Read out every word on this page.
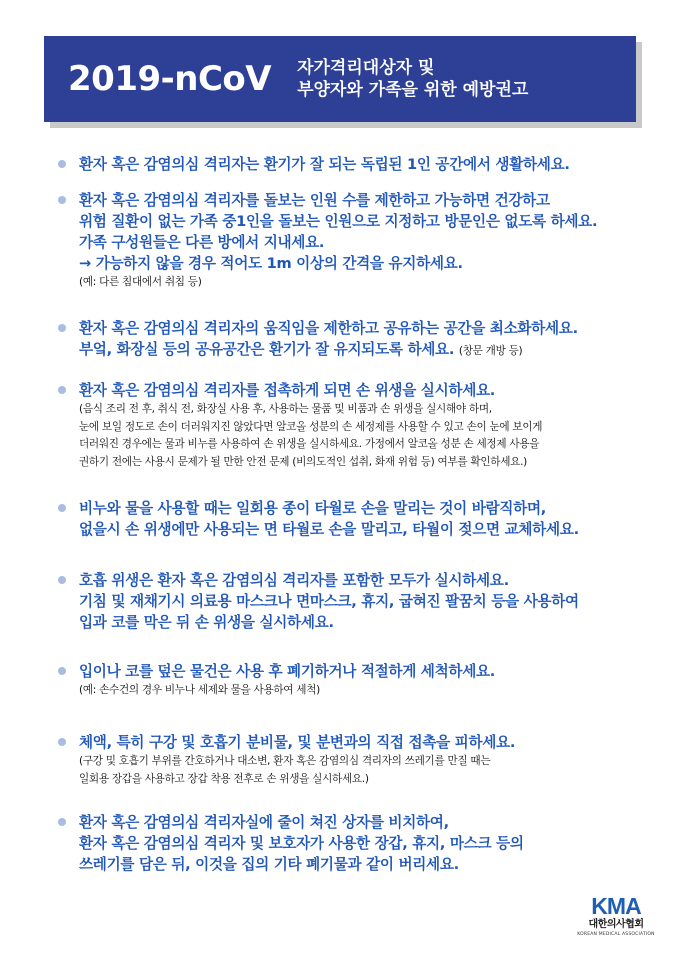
2019-nCoV 자가격리대상자 및
부양자와 가족을 위한 예방권고
환자 혹은 감염의심 격리자는 환기가 잘 되는 독립된 1인 공간에서 생활하세요.
환자 혹은 감염의심 격리자를 돌보는 인원 수를 제한하고 가능하면 건강하고
위험 질환이 없는 가족 중1인을 돌보는 인원으로 지정하고 방문인은 없도록 하세요.
가족 구성원들은 다른 방에서 지내세요.
→ 가능하지 않을 경우 적어도 1m 이상의 간격을 유지하세요.
(예: 다른 침대에서 취침 등)
환자 혹은 감염의심 격리자의 움직임을 제한하고 공유하는 공간을 최소화하세요.
부엌, 화장실 등의 공유공간은 환기가 잘 유지되도록 하세요. (창문 개방 등)
환자 혹은 감염의심 격리자를 접촉하게 되면 손 위생을 실시하세요.
(음식 조리 전 후, 취식 전, 화장실 사용 후, 사용하는 물품 및 비품과 손 위생을 실시해야 하며,
눈에 보일 정도로 손이 더러워지진 않았다면 알코올 성분의 손 세정제를 사용할 수 있고 손이 눈에 보이게
더러워진 경우에는 물과 비누를 사용하여 손 위생을 실시하세요. 가정에서 알코올 성분 손 세정제 사용을
권하기 전에는 사용시 문제가 될 만한 안전 문제 (비의도적인 섭취, 화재 위험 등) 여부를 확인하세요.)
비누와 물을 사용할 때는 일회용 종이 타월로 손을 말리는 것이 바람직하며,
없을시 손 위생에만 사용되는 면 타월로 손을 말리고, 타월이 젖으면 교체하세요.
호흡 위생은 환자 혹은 감염의심 격리자를 포함한 모두가 실시하세요.
기침 및 재채기시 의료용 마스크나 면마스크, 휴지, 굽혀진 팔꿈치 등을 사용하여
입과 코를 막은 뒤 손 위생을 실시하세요.
입이나 코를 덮은 물건은 사용 후 폐기하거나 적절하게 세척하세요.
(예: 손수건의 경우 비누나 세제와 물을 사용하여 세척)
체액, 특히 구강 및 호흡기 분비물, 및 분변과의 직접 접촉을 피하세요.
(구강 및 호흡기 부위를 간호하거나 대소변, 환자 혹은 감염의심 격리자의 쓰레기를 만질 때는
일회용 장갑을 사용하고 장갑 착용 전후로 손 위생을 실시하세요.)
환자 혹은 감염의심 격리자실에 줄이 쳐진 상자를 비치하여,
환자 혹은 감염의심 격리자 및 보호자가 사용한 장갑, 휴지, 마스크 등의
쓰레기를 담은 뒤, 이것을 집의 기타 폐기물과 같이 버리세요.
KMA
대한의사협회
KOREAN MEDICAL ASSOCIATION
